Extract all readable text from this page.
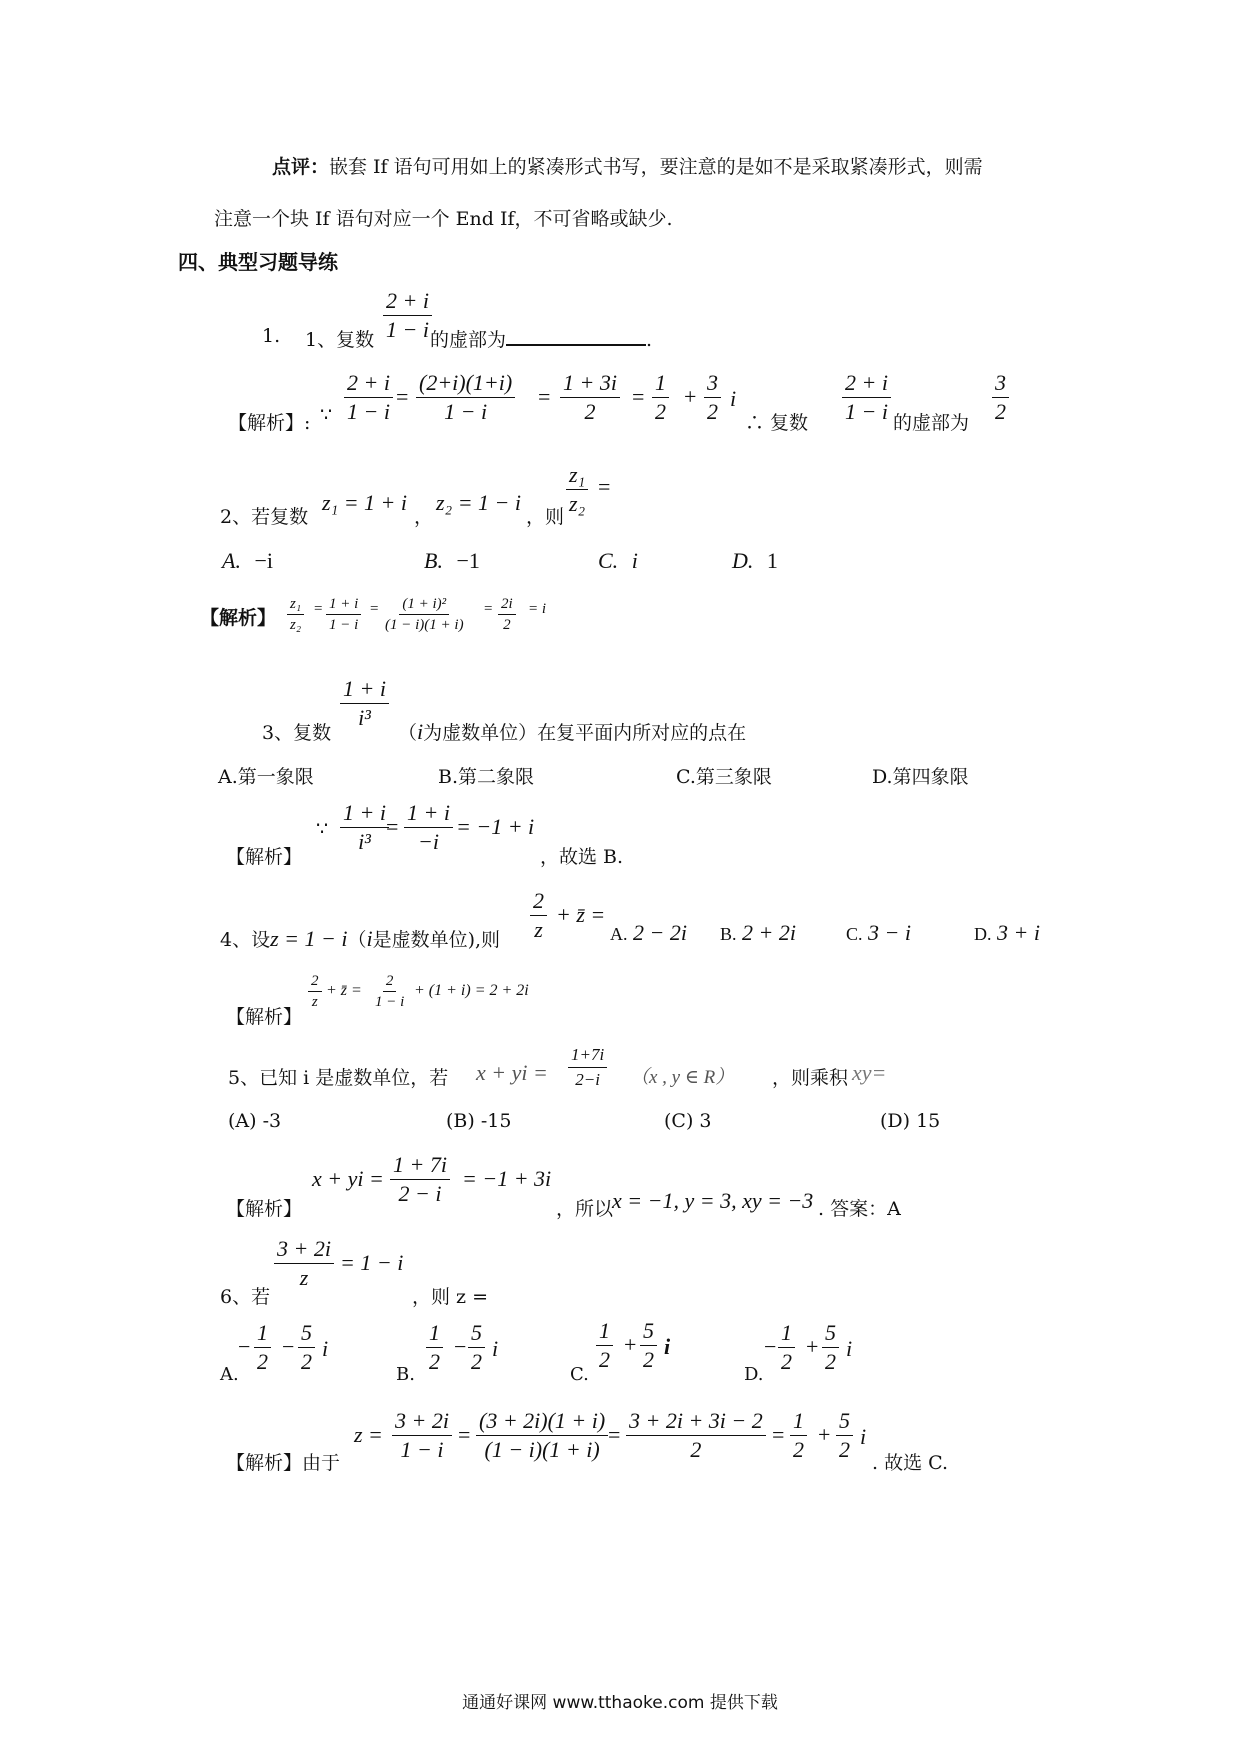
点评：嵌套 If 语句可用如上的紧凑形式书写，要注意的是如不是采取紧凑形式，则需
注意一个块 If 语句对应一个 End If，不可省略或缺少.
四、典型习题导练
1. 1、复数 $\frac{2 + i}{1 - i}$
的虚部为	.
【解析】: ∵ $\frac{2 + i}{1 - i} = \frac{(2+i)(1+i)}{1 - i} = \frac{1 + 3i}{2} = \frac{1}{2} + \frac{3}{2}$ i
∴ 复数 $\frac{2 + i}{1 - i}$ 的虚部为 $\frac{3}{2}$
2、若复数
z₁ = 1 + i
，
z₂ = 1 − i
，则 $\frac{\text{z₁}}{\text{z₂}}$ =
A. −i	B. −1	C. i	D. 1
【解析】 $\frac{\text{z₁}}{\text{z₂}} = \frac{1 + i}{1 - i} = \frac{\text{(1 + i)²}}{(1 - i)(1 + i)} = \frac{2i}{2} = i$
3、复数
$\frac{1 + i}{\text{i³}}$
（i为虚数单位）在复平面内所对应的点在
A.第一象限	B.第二象限	C.第三象限	D.第四象限
【解析】
∵ $\frac{1 + i}{\text{i³}}$
= $\frac{1 + i}{-i} = -1 + i$
，故选 B.
4、设z = 1 − i（i是虚数单位),则 $\frac{2}{z}$ + z̄ =
A. 2 − 2i B. 2 + 2i	C. 3 − i	D. 3 + i
【解析】
$\frac{2}{z}$ + z̄ = $\frac{2}{1 - i} + (1 + i) = 2 + 2i$
5、已知 i 是虚数单位，若 x + yi = $\frac{1+7i}{2-i} (x$ , y ∈ R） ，则乘积 xy=
(A) -3	(B) -15	(C) 3	(D) 15
【解析】
x + yi = $\frac{1 + 7i}{2 - i} = -1 + 3i$
，所以
x = −1, y = 3, xy = −3 . 答案：A
6、若
$\frac{3 + 2i}{z} = 1 - i$
，则 z =
A.
− $\frac{1}{2} - \frac{5}{2}$ i
B. $\frac{1}{2} - \frac{5}{2}$ i
C.
$\frac{1}{2} + \frac{5}{2}$ i
D.
− $\frac{1}{2} + \frac{5}{2}$ i
【解析】由于
$z = \frac{3 + 2i}{1 - i} = \frac{(3 + 2i)(1 + i)}{(1 - i)(1 + i)} = \frac{3 + 2i + 3i - 2}{2} = \frac{1}{2} + \frac{5}{2}$ i
. 故选 C.
通通好课网 www.tthaoke.com 提供下载
